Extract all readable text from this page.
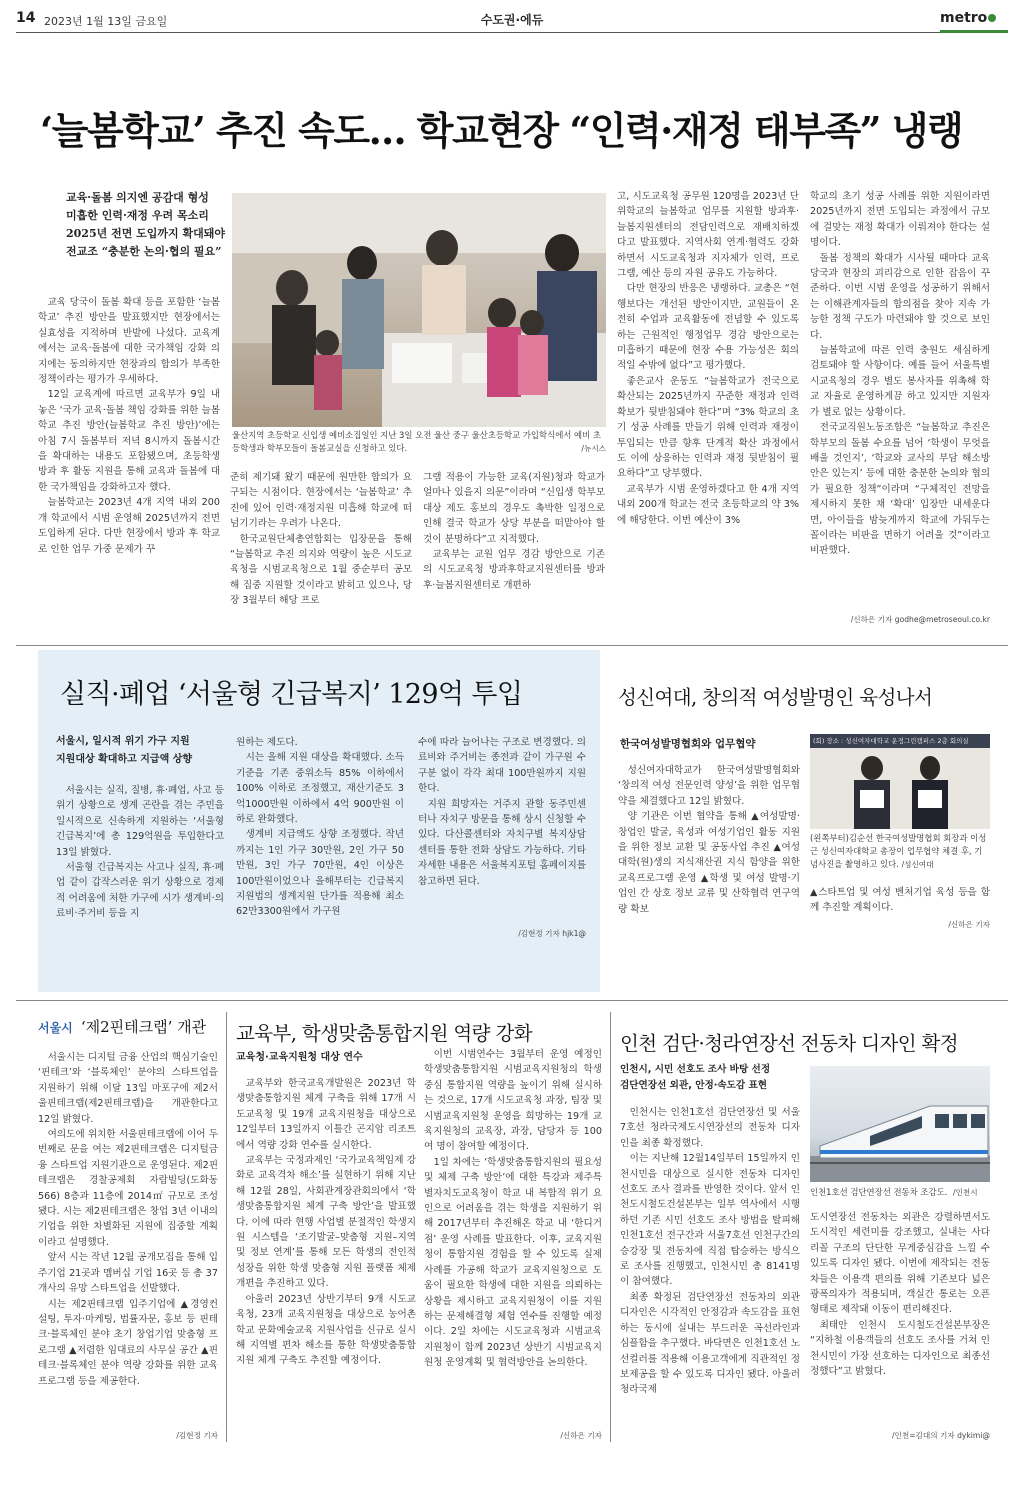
14 2023년 1월 13일 금요일	수도권·에듀	metro
‘늘봄학교’ 추진 속도… 학교현장 “인력·재정 태부족” 냉랭
교육·돌봄 의지엔 공감대 형성
미흡한 인력·재정 우려 목소리
2025년 전면 도입까지 확대돼야
전교조 “충분한 논의·협의 필요”

교육 당국이 돌봄 확대 등을 포함한 ‘늘봄학교’ 추진 방안을 발표했지만 현장에서는 실효성을 지적하며 반발에 나섰다. 교육계에서는 교육·돌봄에 대한 국가책임 강화 의지에는 동의하지만 현장과의 합의가 부족한 정책이라는 평가가 우세하다.

12일 교육계에 따르면 교육부가 9일 내놓은 ‘국가 교육·돌봄 책임 강화를 위한 늘봄학교 추진 방안(늘봄학교 추진 방안)’에는 아침 7시 돌봄부터 저녁 8시까지 돌봄시간을 확대하는 내용도 포함됐으며, 초등학생 방과 후 활동 지원을 통해 교육과 돌봄에 대한 국가책임을 강화하고자 했다.

늘봄학교는 2023년 4개 지역 내외 200개 학교에서 시범 운영해 2025년까지 전면 도입하게 된다. 다만 현장에서 방과 후 학교로 인한 업무 가중 문제가 꾸

울산지역 초등학교 신입생 예비소집일인 지난 3일 오전 울산 중구 울산초등학교 가입학식에서 예비 초등학생과 학부모들이 돌봄교실을 신청하고 있다.	/뉴시스

준히 제기돼 왔기 때문에 원만한 합의가 요구되는 시점이다. 현장에서는 ‘늘봄학교’ 추진에 있어 인력·재정지원 미흡해 학교에 떠넘기기라는 우려가 나온다.

한국교원단체총연합회는 입장문을 통해 “늘봄학교 추진 의지와 역량이 높은 시도교육청을 시범교육청으로 1월 중순부터 공모해 집중 지원할 것이라고 밝히고 있으나, 당장 3월부터 해당 프로

그램 적용이 가능한 교육(지원)청과 학교가 얼마나 있을지 의문”이라며 “신입생 학부모 대상 제도 홍보의 경우도 촉박한 일정으로 인해 결국 학교가 상당 부분을 떠맡아야 할 것이 분명하다”고 지적했다.

교육부는 교원 업무 경감 방안으로 기존의 시도교육청 방과후학교지원센터를 방과후·늘봄지원센터로 개편하

고, 시도교육청 공무원 120명을 2023년 단위학교의 늘봄학교 업무를 지원할 방과후·늘봄지원센터의 전담인력으로 재배치하겠다고 발표했다. 지역사회 연계·협력도 강화하면서 시도교육청과 지자체가 인력, 프로그램, 예산 등의 자원 공유도 가능하다.

다만 현장의 반응은 냉랭하다. 교총은 “현행보다는 개선된 방안이지만, 교원들이 온전히 수업과 교육활동에 전념할 수 있도록 하는 근원적인 행정업무 경감 방안으로는 미흡하기 때문에 현장 수용 가능성은 회의적일 수밖에 없다”고 평가했다.

좋은교사 운동도 “늘봄학교가 전국으로 확산되는 2025년까지 꾸준한 재정과 인력 확보가 뒷받침돼야 한다”며 “3% 학교의 초기 성공 사례를 만들기 위해 인력과 재정이 투입되는 만큼 향후 단계적 확산 과정에서도 이에 상응하는 인력과 재정 뒷받침이 필요하다”고 당부했다.

교육부가 시범 운영하겠다고 한 4개 지역 내외 200개 학교는 전국 초등학교의 약 3%에 해당한다. 이번 예산이 3%

학교의 초기 성공 사례를 위한 지원이라면 2025년까지 전면 도입되는 과정에서 규모에 걸맞는 재정 확대가 이뤄져야 한다는 설명이다.

돌봄 정책의 확대가 시사될 때마다 교육 당국과 현장의 괴리감으로 인한 잡음이 꾸준하다. 이번 시범 운영을 성공하기 위해서는 이해관계자들의 합의점을 찾아 지속 가능한 정책 구도가 마련돼야 할 것으로 보인다.

늘봄학교에 따른 인력 충원도 세심하게 검토돼야 할 사항이다. 예를 들어 서울특별시교육청의 경우 별도 봉사자를 위촉해 학교 자율로 운영하게끔 하고 있지만 지원자가 별로 없는 상황이다.

전국교직원노동조합은 “늘봄학교 추진은 학부모의 돌봄 수요를 넘어 ‘학생이 무엇을 배울 것인지’, ‘학교와 교사의 부담 해소방안은 있는지’ 등에 대한 충분한 논의와 협의가 필요한 정책”이라며 “구체적인 전망을 제시하지 못한 채 ‘확대’ 입장만 내세운다면, 아이들을 밤늦게까지 학교에 가둬두는 꼴이라는 비판을 면하기 어려울 것”이라고 비판했다.

/신하은 기자 godhe@metroseoul.co.kr
실직·폐업 ‘서울형 긴급복지’ 129억 투입
서울시, 일시적 위기 가구 지원
지원대상 확대하고 지급액 상향

서울시는 실직, 질병, 휴·폐업, 사고 등 위기 상황으로 생계 곤란을 겪는 주민을 일시적으로 신속하게 지원하는 ‘서울형 긴급복지’에 총 129억원을 투입한다고 13일 밝혔다.

서울형 긴급복지는 사고나 실직, 휴·폐업 같이 갑작스러운 위기 상황으로 경제적 어려움에 처한 가구에 시가 생계비·의료비·주거비 등을 지

원하는 제도다.

시는 올해 지원 대상을 확대했다. 소득 기준을 기존 중위소득 85% 이하에서 100% 이하로 조정했고, 재산기준도 3억1000만원 이하에서 4억 900만원 이하로 완화했다.

생계비 지급액도 상향 조정했다. 작년까지는 1인 가구 30만원, 2인 가구 50만원, 3인 가구 70만원, 4인 이상은 100만원이었으나 올해부터는 긴급복지지원법의 생계지원 단가를 적용해 최소 62만3300원에서 가구원

수에 따라 늘어나는 구조로 변경했다. 의료비와 주거비는 종전과 같이 가구원 수 구분 없이 각각 최대 100만원까지 지원한다.

지원 희망자는 거주지 관할 동주민센터나 자치구 방문을 통해 상시 신청할 수 있다. 다산콜센터와 자치구별 복지상담센터를 통한 전화 상담도 가능하다. 기타 자세한 내용은 서울복지포털 홈페이지를 참고하면 된다.

/김현정 기자 hjk1@
성신여대, 창의적 여성발명인 육성나서
한국여성발명협회와 업무협약

성신여자대학교가 한국여성발명협회와 ‘창의적 여성 전문인력 양성’을 위한 업무협약을 체결했다고 12일 밝혔다.

양 기관은 이번 협약을 통해 ▲여성발명·창업인 발굴, 육성과 여성기업인 활동 지원을 위한 정보 교환 및 공동사업 추진 ▲여성 대학(원)생의 지식재산권 지식 함양을 위한 교육프로그램 운영 ▲학생 및 여성 발명·기업인 간 상호 정보 교류 및 산학협력 연구역량 확보

(회) 장소 : 성신여자대학교 운정그린캠퍼스 2층 회의실
(왼쪽부터)김순선 한국여성발명협회 회장과 이성근 성신여자대학교 총장이 업무협약 체결 후, 기념사진을 촬영하고 있다. /성신여대

▲스타트업 및 여성 벤처기업 육성 등을 함께 추진할 계획이다.

/신하은 기자
서울시 ‘제2핀테크랩’ 개관

서울시는 디지털 금융 산업의 핵심기술인 ‘핀테크’와 ‘블록체인’ 분야의 스타트업을 지원하기 위해 이달 13일 마포구에 제2서울핀테크랩(제2핀테크랩)을 개관한다고 12일 밝혔다.

여의도에 위치한 서울핀테크랩에 이어 두번째로 문을 여는 제2핀테크랩은 디지털금융 스타트업 지원기관으로 운영된다. 제2핀테크랩은 경찰공제회 자람빌딩(도화동 566) 8층과 11층에 2014㎡ 규모로 조성됐다. 시는 제2핀테크랩은 창업 3년 이내의 기업을 위한 차별화된 지원에 집중할 계획이라고 설명했다.

앞서 시는 작년 12월 공개모집을 통해 입주기업 21곳과 멤버십 기업 16곳 등 총 37개사의 유망 스타트업을 선발했다.

시는 제2핀테크랩 입주기업에 ▲경영컨설팅, 투자·마케팅, 법률자문, 홍보 등 핀테크·블록체인 분야 초기 창업기업 맞춤형 프로그램 ▲저렴한 임대료의 사무실 공간 ▲핀테크·블록체인 분야 역량 강화를 위한 교육 프로그램 등을 제공한다.

/김현정 기자
교육부, 학생맞춤통합지원 역량 강화
교육청·교육지원청 대상 연수

교육부와 한국교육개발원은 2023년 학생맞춤통합지원 체계 구축을 위해 17개 시도교육청 및 19개 교육지원청을 대상으로 12일부터 13일까지 이틀간 곤지암 리조트에서 역량 강화 연수를 실시한다.

교육부는 국정과제인 ‘국가교육책임제 강화로 교육격차 해소’를 실현하기 위해 지난해 12월 28일, 사회관계장관회의에서 ‘학생맞춤통합지원 체계 구축 방안’을 발표했다. 이에 따라 현행 사업별 분절적인 학생지원 시스템을 ‘조기발굴–맞춤형 지원–지역 및 정보 연계’를 통해 모든 학생의 전인적 성장을 위한 학생 맞춤형 지원 플랫폼 체제 개편을 추진하고 있다.

아울러 2023년 상반기부터 9개 시도교육청, 23개 교육지원청을 대상으로 농어촌학교 문화예술교육 지원사업을 신규로 실시해 지역별 편차 해소를 통한 학생맞춤통합지원 체계 구축도 추진할 예정이다.

이번 시범연수는 3월부터 운영 예정인 학생맞춤통합지원 시범교육지원청의 학생 중심 통합지원 역량을 높이기 위해 실시하는 것으로, 17개 시도교육청 과장, 팀장 및 시범교육지원청 운영을 희망하는 19개 교육지원청의 교육장, 과장, 담당자 등 100여 명이 참여할 예정이다.

1일 차에는 ‘학생맞춤통합지원의 필요성 및 체제 구축 방안’에 대한 특강과 제주특별자치도교육청이 학교 내 복합적 위기 요인으로 어려움을 겪는 학생을 지원하기 위해 2017년부터 추진해온 학교 내 ‘한디거점’ 운영 사례를 발표한다. 이후, 교육지원청이 통합지원 경험을 할 수 있도록 실제 사례를 가공해 학교가 교육지원청으로 도움이 필요한 학생에 대한 지원을 의뢰하는 상황을 제시하고 교육지원청이 이를 지원하는 문제해결형 체험 연수를 진행할 예정이다. 2일 차에는 시도교육청과 시범교육지원청이 함께 2023년 상반기 시범교육지원청 운영계획 및 협력방안을 논의한다.

/신하은 기자
인천 검단·청라연장선 전동차 디자인 확정
인천시, 시민 선호도 조사 바탕 선정
검단연장선 외관, 안정·속도감 표현

인천시는 인천1호선 검단연장선 및 서울7호선 청라국제도시연장선의 전동차 디자인을 최종 확정했다.

이는 지난해 12월14일부터 15일까지 인천시민을 대상으로 실시한 전동차 디자인 선호도 조사 결과를 반영한 것이다. 앞서 인천도시철도건설본부는 일부 역사에서 시행하던 기존 시민 선호도 조사 방법을 탈피해 인천1호선 전구간과 서울7호선 인천구간의 승강장 및 전동차에 직접 탑승하는 방식으로 조사를 진행했고, 인천시민 총 8141명이 참여했다.

최종 확정된 검단연장선 전동차의 외관 디자인은 시각적인 안정감과 속도감을 표현하는 동시에 실내는 부드러운 곡선라인과 심플함을 추구했다. 바닥면은 인천1호선 노선컬러를 적용해 이용고객에게 직관적인 정보제공을 할 수 있도록 디자인 됐다. 아울러 청라국제

인천1호선 검단연장선 전동차 조감도. /인천시

도시연장선 전동차는 외관은 강렬하면서도 도시적인 세련미를 강조했고, 실내는 사다리꼴 구조의 단단한 무게중심감을 느낄 수 있도록 디자인 됐다. 이번에 제작되는 전동차들은 이용객 편의를 위해 기존보다 넓은 광폭의자가 적용되며, 객실간 통로는 오픈형태로 제작돼 이동이 편리해진다.

최태안 인천시 도시철도건설본부장은 “지하철 이용객들의 선호도 조사를 거쳐 인천시민이 가장 선호하는 디자인으로 최종선정했다”고 밝혔다.

/인천=김대의 기자 dykimi@
